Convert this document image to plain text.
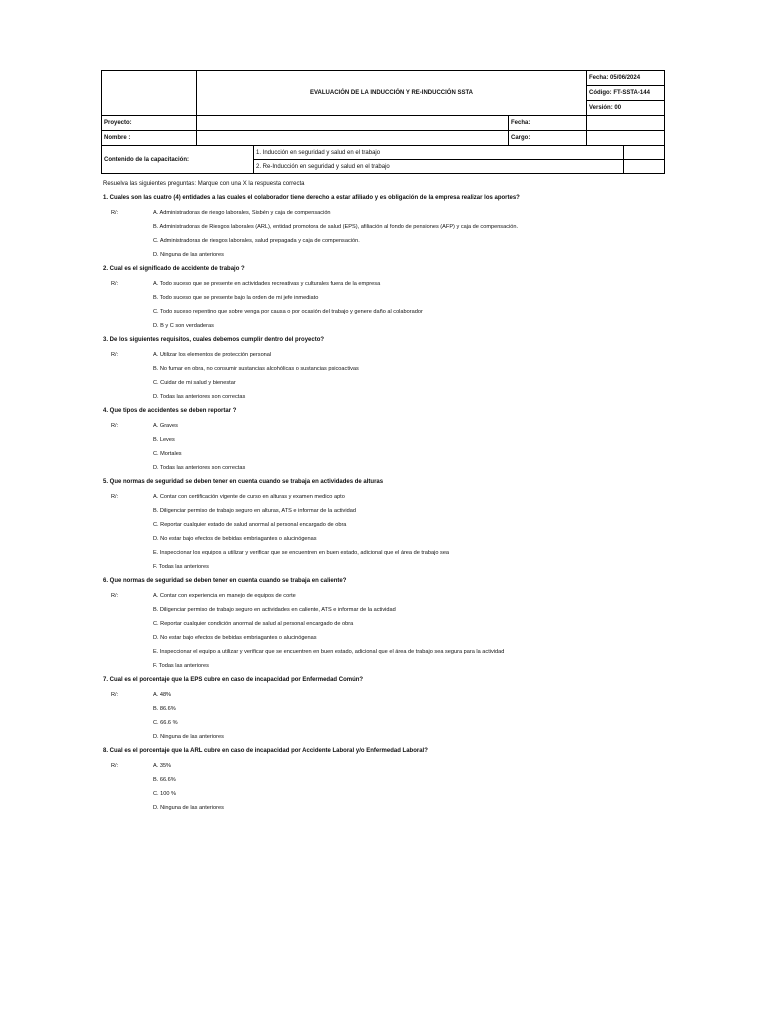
	EVALUACIÓN DE LA INDUCCIÓN Y RE-INDUCCIÓN SSTA			Fecha: 05/06/2024	
				Código: FT-SSTA-144	
				Versión: 00	
Proyecto:			Fecha:		
Nombre :			Cargo:		
Contenido de la capacitación:		1. Inducción en seguridad y salud en el trabajo			
		2. Re-Inducción en seguridad y salud en el trabajo			
Resuelva las siguientes preguntas: Marque con una X la respuesta correcta
1. Cuales son las cuatro (4) entidades a las cuales el colaborador tiene derecho a estar afiliado y es obligación de la empresa realizar los aportes?
R/:	A. Administradoras de riesgo laborales, Sisbén y caja de compensación
B. Administradoras de Riesgos laborales (ARL), entidad promotora de salud (EPS), afiliación al fondo de pensiones (AFP) y caja de compensación.
C. Administradoras de riesgos laborales, salud prepagada y caja de compensación.
D. Ninguna de las anteriores
2. Cual es el significado de accidente de trabajo ?
R/:	A. Todo suceso que se presente en actividades recreativas y culturales fuera de la empresa
B. Todo suceso que se presente bajo la orden de mi jefe inmediato
C. Todo suceso repentino que sobre venga por causa o por ocasión del trabajo y genere daño al colaborador
D. B y C son verdaderas
3. De los siguientes requisitos, cuales debemos cumplir dentro del proyecto?
R/:	A. Utilizar los elementos de protección personal
B. No fumar en obra, no consumir sustancias alcohólicas o sustancias psicoactivas
C. Cuidar de mi salud y bienestar
D. Todas las anteriores son correctas
4. Que tipos de accidentes se deben reportar ?
R/:	A. Graves
B. Leves
C. Mortales
D. Todas las anteriores son correctas
5. Que normas de seguridad se deben tener en cuenta cuando se trabaja en actividades de alturas
R/:	A. Contar con certificación vigente de curso en alturas y examen medico apto
B. Diligenciar permiso de trabajo seguro en alturas, ATS e informar de la actividad
C. Reportar cualquier estado de salud anormal al personal encargado de obra
D. No estar bajo efectos de bebidas embriagantes o alucinógenas
E. Inspeccionar los equipos a utilizar y verificar que se encuentren en buen estado, adicional que el área de trabajo sea
F. Todas las anteriores
6. Que normas de seguridad se deben tener en cuenta cuando se trabaja en caliente?
R/:	A. Contar con experiencia en manejo de equipos de corte
B. Diligenciar permiso de trabajo seguro en actividades en caliente, ATS e informar de la actividad
C. Reportar cualquier condición anormal de salud al personal encargado de obra
D. No estar bajo efectos de bebidas embriagantes o alucinógenas
E. Inspeccionar el equipo a utilizar y verificar que se encuentren en buen estado, adicional que el área de trabajo sea segura para la actividad
F. Todas las anteriores
7. Cual es el porcentaje que la EPS cubre en caso de incapacidad por Enfermedad Común?
R/:	A. 48%
B. 86.6%
C. 66.6 %
D. Ninguna de las anteriores
8. Cual es el porcentaje que la ARL cubre en caso de incapacidad por Accidente Laboral y/o Enfermedad Laboral?
R/:	A. 35%
B. 66.6%
C. 100 %
D. Ninguna de las anteriores
